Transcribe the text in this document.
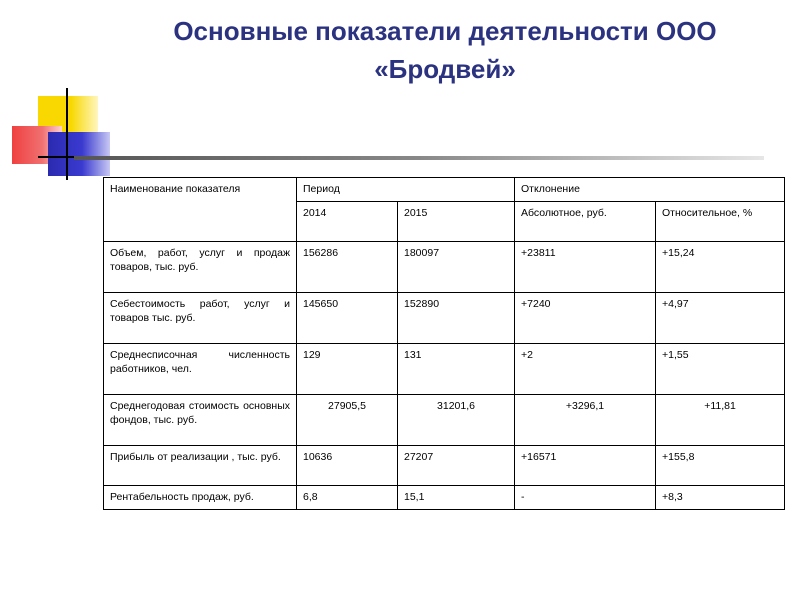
Основные показатели деятельности ООО
«Бродвей»
Наименование показателя	Период		Отклонение	
	2014	2015	Абсолютное, руб.	Относительное, %
Объем, работ, услуг и продаж товаров, тыс. руб.	156286	180097	+23811	+15,24
Себестоимость работ, услуг и товаров тыс. руб.	145650	152890	+7240	+4,97
Среднесписочная численность работников, чел.	129	131	+2	+1,55
Среднегодовая стоимость основных фондов, тыс. руб.	27905,5	31201,6	+3296,1	+11,81
Прибыль от реализации , тыс. руб.	10636	27207	+16571	+155,8
Рентабельность продаж, руб.	6,8	15,1	-	+8,3
